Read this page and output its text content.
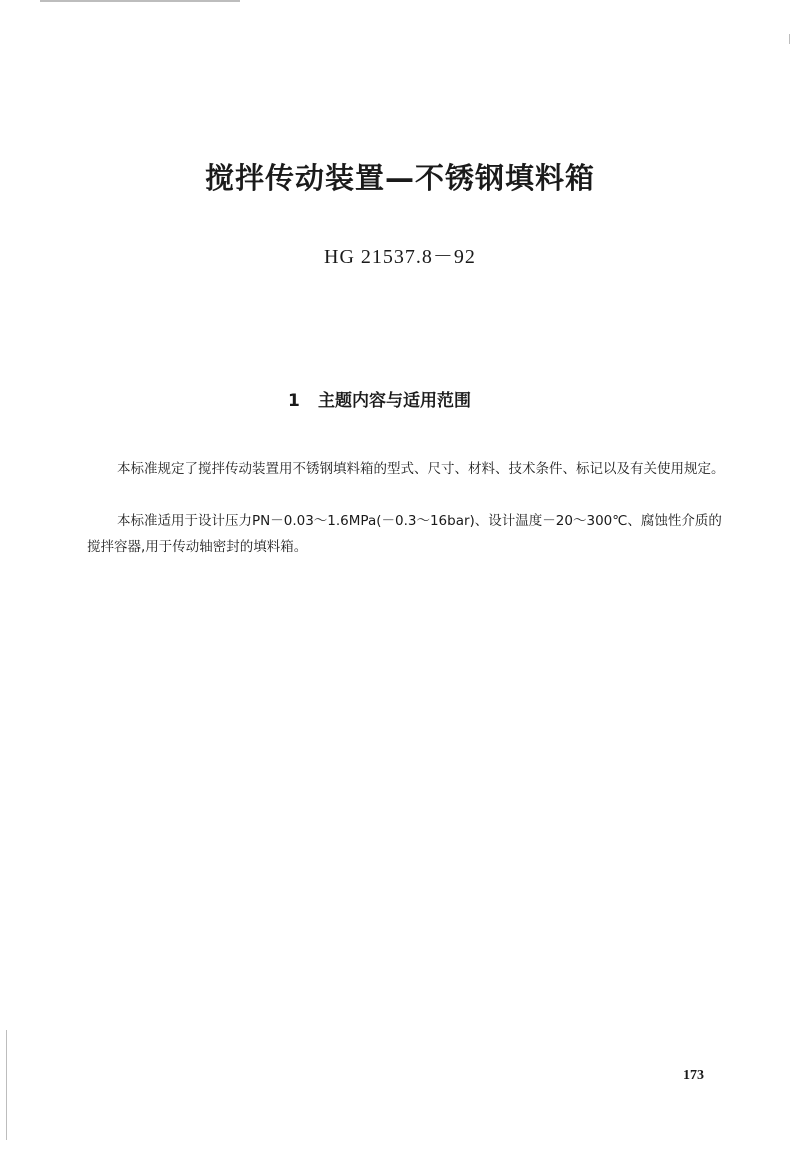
搅拌传动装置—不锈钢填料箱
HG 21537.8－92
1 主题内容与适用范围

本标准规定了搅拌传动装置用不锈钢填料箱的型式、尺寸、材料、技术条件、标记以及有关使用规定。

本标准适用于设计压力PN－0.03～1.6MPa(－0.3～16bar)、设计温度－20～300℃、腐蚀性介质的搅拌容器,用于传动轴密封的填料箱。

173
